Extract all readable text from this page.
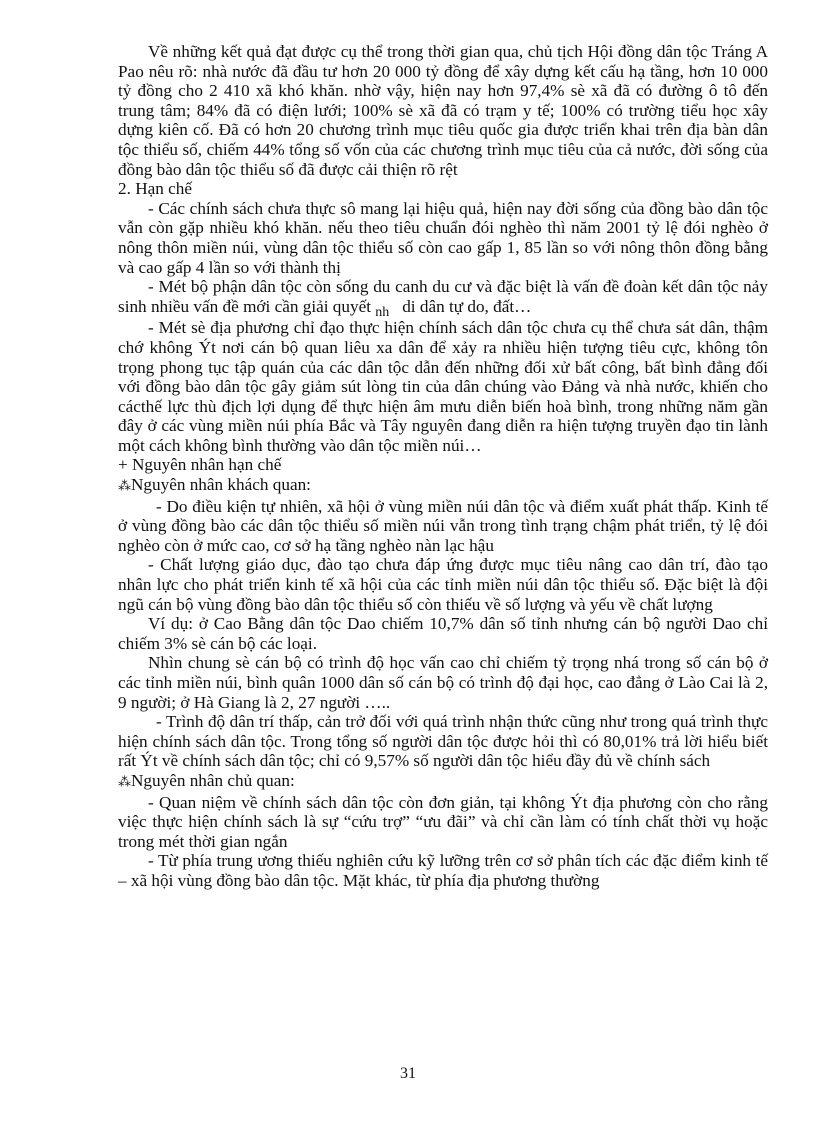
Về những kết quả đạt được cụ thể trong thời gian qua, chủ tịch Hội đồng dân tộc Tráng A Pao nêu rõ: nhà nước đã đầu tư hơn 20 000 tỷ đồng để xây dựng kết cấu hạ tầng, hơn 10 000 tỷ đồng cho 2 410 xã khó khăn. nhờ vậy, hiện nay hơn 97,4% sè xã đã có đường ô tô đến trung tâm; 84% đã có điện lưới; 100% sè xã đã có trạm y tế; 100% có trường tiểu học xây dựng kiên cố. Đã có hơn 20 chương trình mục tiêu quốc gia được triển khai trên địa bàn dân tộc thiểu số, chiếm 44% tổng số vốn của các chương trình mục tiêu của cả nước, đời sống của đồng bào dân tộc thiểu số đã được cải thiện rõ rệt

2. Hạn chế

- Các chính sách chưa thực sô mang lại hiệu quả, hiện nay đời sống của đồng bào dân tộc vẫn còn gặp nhiều khó khăn. nếu theo tiêu chuẩn đói nghèo thì năm 2001 tỷ lệ đói nghèo ở nông thôn miền núi, vùng dân tộc thiểu số còn cao gấp 1, 85 lần so với nông thôn đồng bằng và cao gấp 4 lần so với thành thị

- Mét bộ phận dân tộc còn sống du canh du cư và đặc biệt là vấn đề đoàn kết dân tộc nảy sinh nhiều vấn đề mới cần giải quyết $_{nh}$ di dân tự do, đất…

- Mét sè địa phương chỉ đạo thực hiện chính sách dân tộc chưa cụ thể chưa sát dân, thậm chớ không Ýt nơi cán bộ quan liêu xa dân để xảy ra nhiều hiện tượng tiêu cực, không tôn trọng phong tục tập quán của các dân tộc dẫn đến những đối xử bất công, bất bình đẳng đối với đồng bào dân tộc gây giảm sút lòng tin của dân chúng vào Đảng và nhà nước, khiến cho cácthế lực thù địch lợi dụng để thực hiện âm mưu diễn biến hoà bình, trong những năm gần đây ở các vùng miền núi phía Bắc và Tây nguyên đang diễn ra hiện tượng truyền đạo tin lành một cách không bình thường vào dân tộc miền núi…

+ Nguyên nhân hạn chế

⁂Nguyên nhân khách quan:

- Do điều kiện tự nhiên, xã hội ở vùng miền núi dân tộc và điểm xuất phát thấp. Kinh tế ở vùng đồng bào các dân tộc thiểu số miền núi vẫn trong tình trạng chậm phát triển, tỷ lệ đói nghèo còn ở mức cao, cơ sở hạ tầng nghèo nàn lạc hậu

- Chất lượng giáo dục, đào tạo chưa đáp ứng được mục tiêu nâng cao dân trí, đào tạo nhân lực cho phát triển kinh tế xã hội của các tỉnh miền núi dân tộc thiểu số. Đặc biệt là đội ngũ cán bộ vùng đồng bào dân tộc thiểu số còn thiếu về số lượng và yếu về chất lượng

Ví dụ: ở Cao Bằng dân tộc Dao chiếm 10,7% dân số tỉnh nhưng cán bộ người Dao chỉ chiếm 3% sè cán bộ các loại.

Nhìn chung sè cán bộ có trình độ học vấn cao chỉ chiếm tỷ trọng nhá trong số cán bộ ở các tỉnh miền núi, bình quân 1000 dân số cán bộ có trình độ đại học, cao đẳng ở Lào Cai là 2, 9 người; ở Hà Giang là 2, 27 người …..

- Trình độ dân trí thấp, cản trở đối với quá trình nhận thức cũng như trong quá trình thực hiện chính sách dân tộc. Trong tổng số người dân tộc được hỏi thì có 80,01% trả lời hiểu biết rất Ýt về chính sách dân tộc; chỉ có 9,57% số người dân tộc hiểu đầy đủ về chính sách

⁂Nguyên nhân chủ quan:

- Quan niệm về chính sách dân tộc còn đơn giản, tại không Ýt địa phương còn cho rằng việc thực hiện chính sách là sự “cứu trợ” “ưu đãi” và chỉ cần làm có tính chất thời vụ hoặc trong mét thời gian ngắn

- Từ phía trung ương thiếu nghiên cứu kỹ lưỡng trên cơ sở phân tích các đặc điểm kinh tế – xã hội vùng đồng bào dân tộc. Mặt khác, từ phía địa phương thường

31
